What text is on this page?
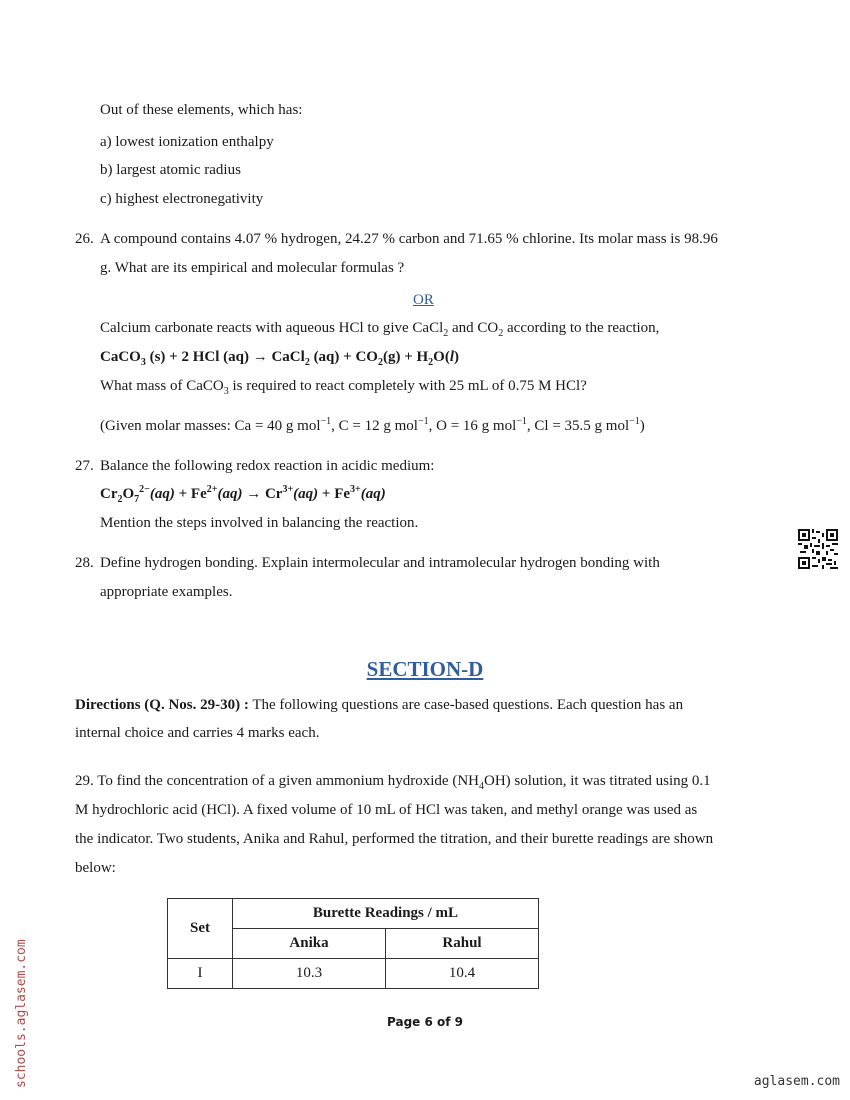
Out of these elements, which has:
a) lowest ionization enthalpy
b) largest atomic radius
c) highest electronegativity
26. A compound contains 4.07 % hydrogen, 24.27 % carbon and 71.65 % chlorine. Its molar mass is 98.96
g. What are its empirical and molecular formulas ?
OR
Calcium carbonate reacts with aqueous HCl to give CaCl$_2$ and $CO_2$ according to the reaction,
CaCO$_3$ (s) + 2 HCl (aq) → CaCl$_2$ $(aq) + CO_2(g) + H_2O(l)$
What mass of CaCO$_3$ is required to react completely with 25 mL of 0.75 M HCl?
(Given molar masses: Ca = 40 g mol$^{-1}$, C = 12 g mol$^{-1}$, O = 16 g mol$^{-1}$, Cl = 35.5 g mol$^{-1}$)
27. Balance the following redox reaction in acidic medium:
$Cr_2O_7^{2-}(aq) + Fe^{2+}(aq) \to Cr^{3+}(aq) + Fe^{3+}(aq)$
Mention the steps involved in balancing the reaction.
28. Define hydrogen bonding. Explain intermolecular and intramolecular hydrogen bonding with
appropriate examples.
SECTION-D
Directions (Q. Nos. 29-30) : The following questions are case-based questions. Each question has an
internal choice and carries 4 marks each.
29. To find the concentration of a given ammonium hydroxide $(NH_4OH)$ solution, it was titrated using 0.1
M hydrochloric acid (HCl). A fixed volume of 10 mL of HCl was taken, and methyl orange was used as
the indicator. Two students, Anika and Rahul, performed the titration, and their burette readings are shown
below:
Set	Burette Readings / mL	
	Anika	Rahul
I	10.3	10.4
Page 6 of 9
schools.aglasem.com	aglasem.com
